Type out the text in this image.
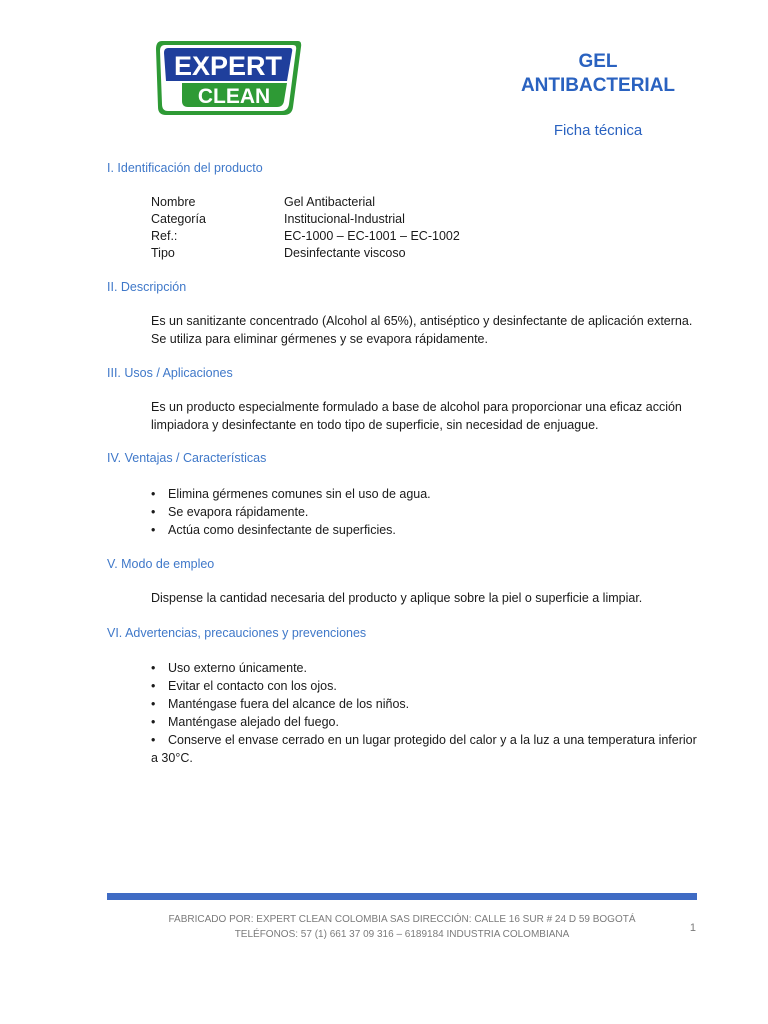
EXPERT
CLEAN
GEL
ANTIBACTERIAL
Ficha técnica
I. Identificación del producto
Nombre	Gel Antibacterial
Categoría	Institucional-Industrial
Ref.:	EC-1000 – EC-1001 – EC-1002
Tipo	Desinfectante viscoso
II. Descripción
Es un sanitizante concentrado (Alcohol al 65%), antiséptico y desinfectante de aplicación externa. Se utiliza para eliminar gérmenes y se evapora rápidamente.
III. Usos / Aplicaciones
Es un producto especialmente formulado a base de alcohol para proporcionar una eficaz acción limpiadora y desinfectante en todo tipo de superficie, sin necesidad de enjuague.
IV. Ventajas / Características
• Elimina gérmenes comunes sin el uso de agua.
• Se evapora rápidamente.
• Actúa como desinfectante de superficies.
V. Modo de empleo
Dispense la cantidad necesaria del producto y aplique sobre la piel o superficie a limpiar.
VI. Advertencias, precauciones y prevenciones
• Uso externo únicamente.
• Evitar el contacto con los ojos.
• Manténgase fuera del alcance de los niños.
• Manténgase alejado del fuego.
• Conserve el envase cerrado en un lugar protegido del calor y a la luz a una temperatura inferior a 30°C.
FABRICADO POR: EXPERT CLEAN COLOMBIA SAS DIRECCIÓN: CALLE 16 SUR # 24 D 59 BOGOTÁ
TELÉFONOS: 57 (1) 661 37 09 316 – 6189184 INDUSTRIA COLOMBIANA
1
